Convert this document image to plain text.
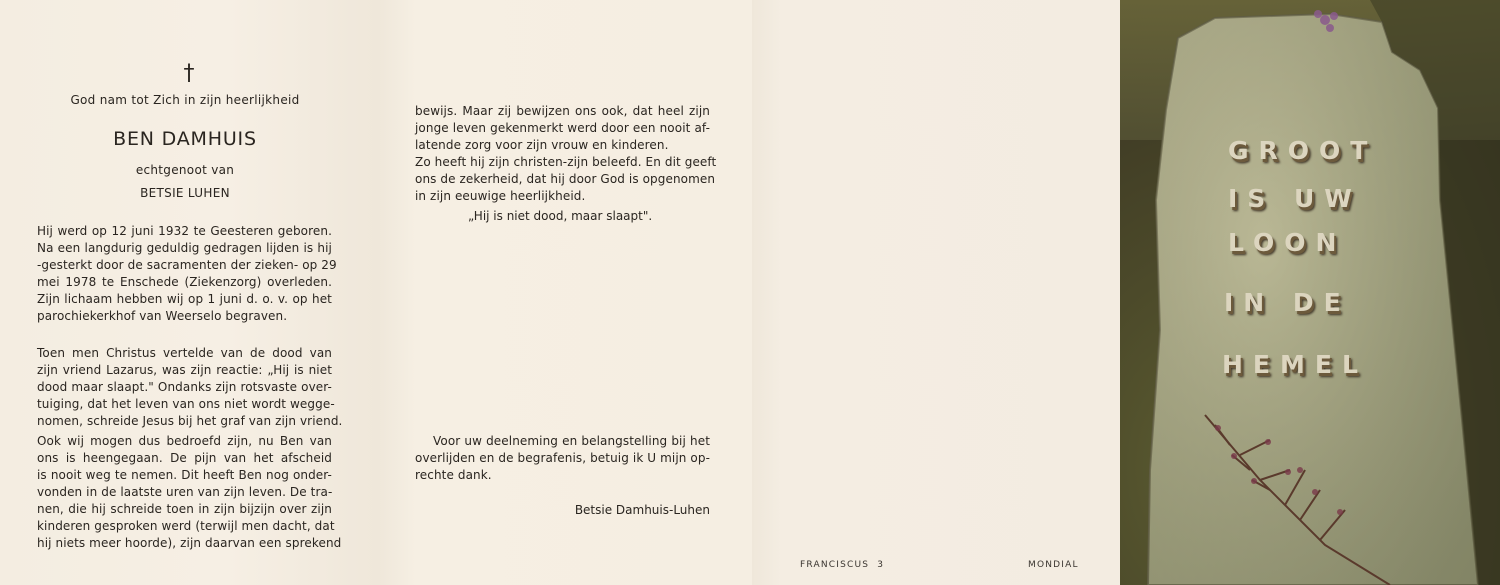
†
God nam tot Zich in zijn heerlijkheid
BEN DAMHUIS
echtgenoot van
BETSIE LUHEN
Hij werd op 12 juni 1932 te Geesteren geboren.
Na een langdurig geduldig gedragen lijden is hij
-gesterkt door de sacramenten der zieken- op 29
mei 1978 te Enschede (Ziekenzorg) overleden.
Zijn lichaam hebben wij op 1 juni d. o. v. op het
parochiekerkhof van Weerselo begraven.
Toen men Christus vertelde van de dood van
zijn vriend Lazarus, was zijn reactie: „Hij is niet
dood maar slaapt." Ondanks zijn rotsvaste over-
tuiging, dat het leven van ons niet wordt wegge-
nomen, schreide Jesus bij het graf van zijn vriend.
Ook wij mogen dus bedroefd zijn, nu Ben van
ons is heengegaan. De pijn van het afscheid
is nooit weg te nemen. Dit heeft Ben nog onder-
vonden in de laatste uren van zijn leven. De tra-
nen, die hij schreide toen in zijn bijzijn over zijn
kinderen gesproken werd (terwijl men dacht, dat
hij niets meer hoorde), zijn daarvan een sprekend
bewijs. Maar zij bewijzen ons ook, dat heel zijn
jonge leven gekenmerkt werd door een nooit af-
latende zorg voor zijn vrouw en kinderen.
Zo heeft hij zijn christen-zijn beleefd. En dit geeft
ons de zekerheid, dat hij door God is opgenomen
in zijn eeuwige heerlijkheid.
„Hij is niet dood, maar slaapt".
Voor uw deelneming en belangstelling bij het
overlijden en de begrafenis, betuig ik U mijn op-
rechte dank.
Betsie Damhuis-Luhen
FRANCISCUS 3	MONDIAL
GROOT
IS UW
LOON
IN DE
HEMEL
